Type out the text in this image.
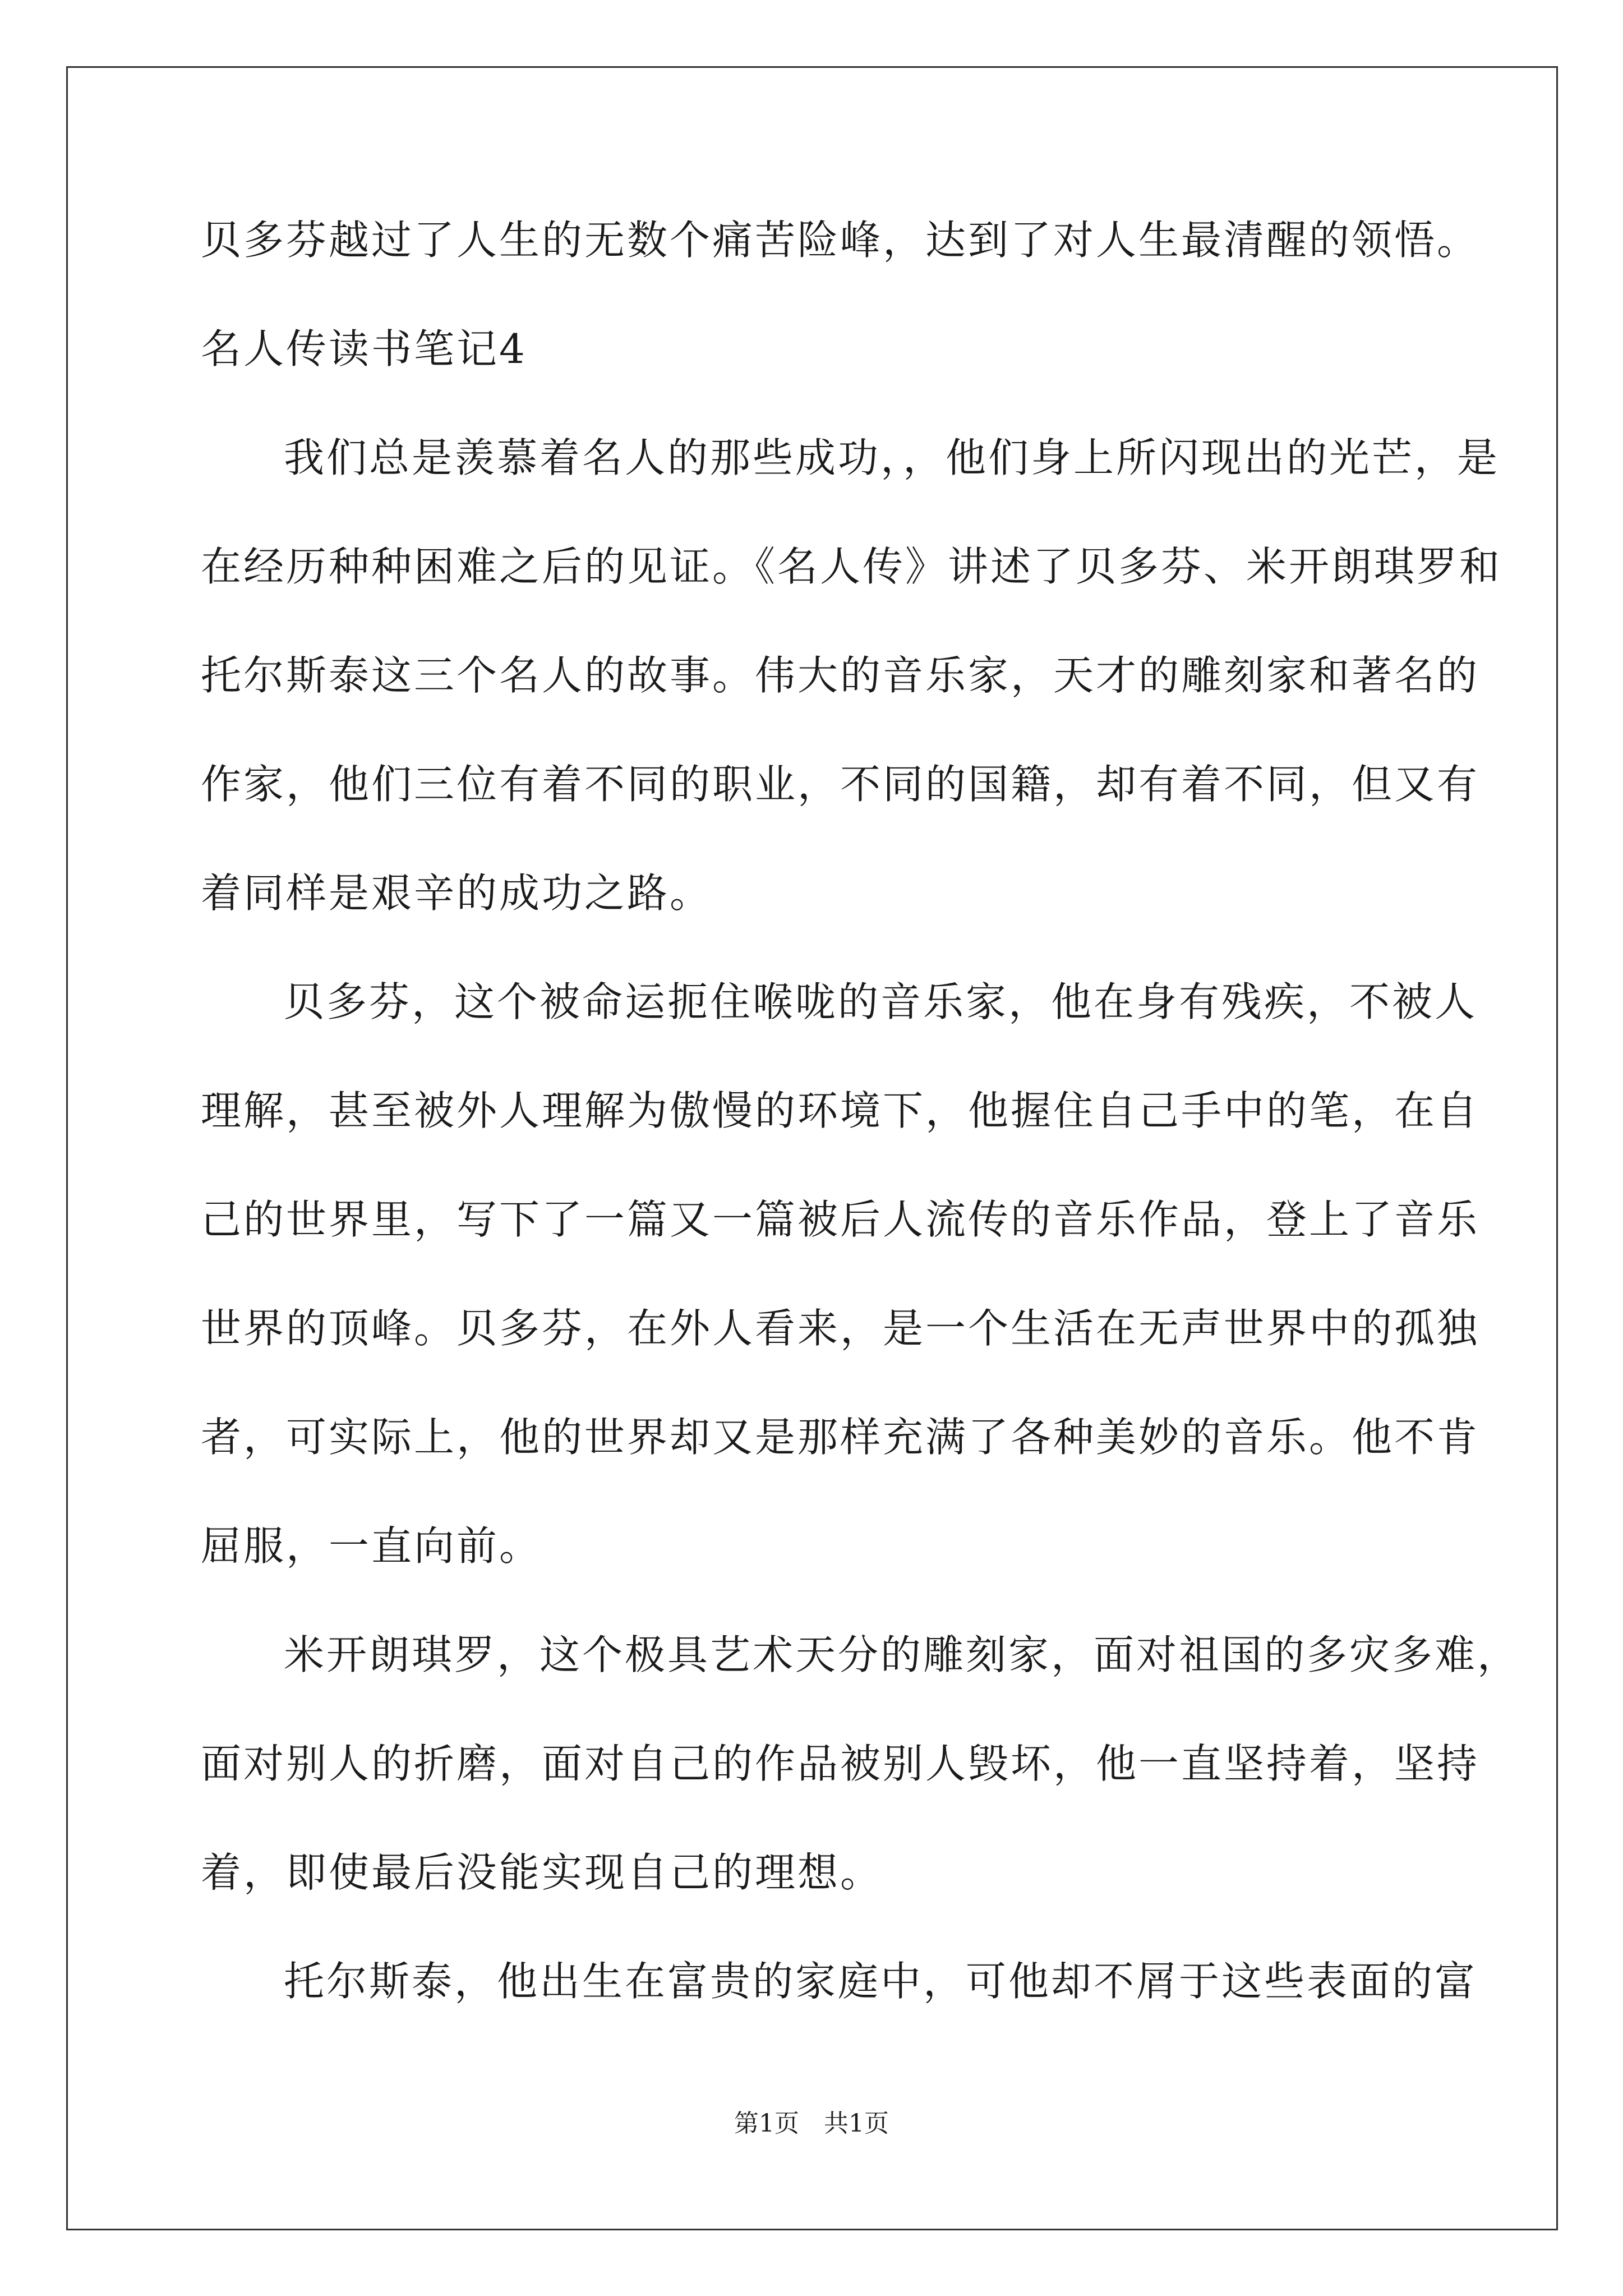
贝多芬越过了人生的无数个痛苦险峰，达到了对人生最清醒的领悟。
名人传读书笔记4
我们总是羡慕着名人的那些成功，，他们身上所闪现出的光芒，是
在经历种种困难之后的见证。《名人传》讲述了贝多芬、米开朗琪罗和
托尔斯泰这三个名人的故事。伟大的音乐家，天才的雕刻家和著名的
作家，他们三位有着不同的职业，不同的国籍，却有着不同，但又有
着同样是艰辛的成功之路。
贝多芬，这个被命运扼住喉咙的音乐家，他在身有残疾，不被人
理解，甚至被外人理解为傲慢的环境下，他握住自己手中的笔，在自
己的世界里，写下了一篇又一篇被后人流传的音乐作品，登上了音乐
世界的顶峰。贝多芬，在外人看来，是一个生活在无声世界中的孤独
者，可实际上，他的世界却又是那样充满了各种美妙的音乐。他不肯
屈服，一直向前。
米开朗琪罗，这个极具艺术天分的雕刻家，面对祖国的多灾多难，
面对别人的折磨，面对自己的作品被别人毁坏，他一直坚持着，坚持
着，即使最后没能实现自己的理想。
托尔斯泰，他出生在富贵的家庭中，可他却不屑于这些表面的富
第1页 共1页
